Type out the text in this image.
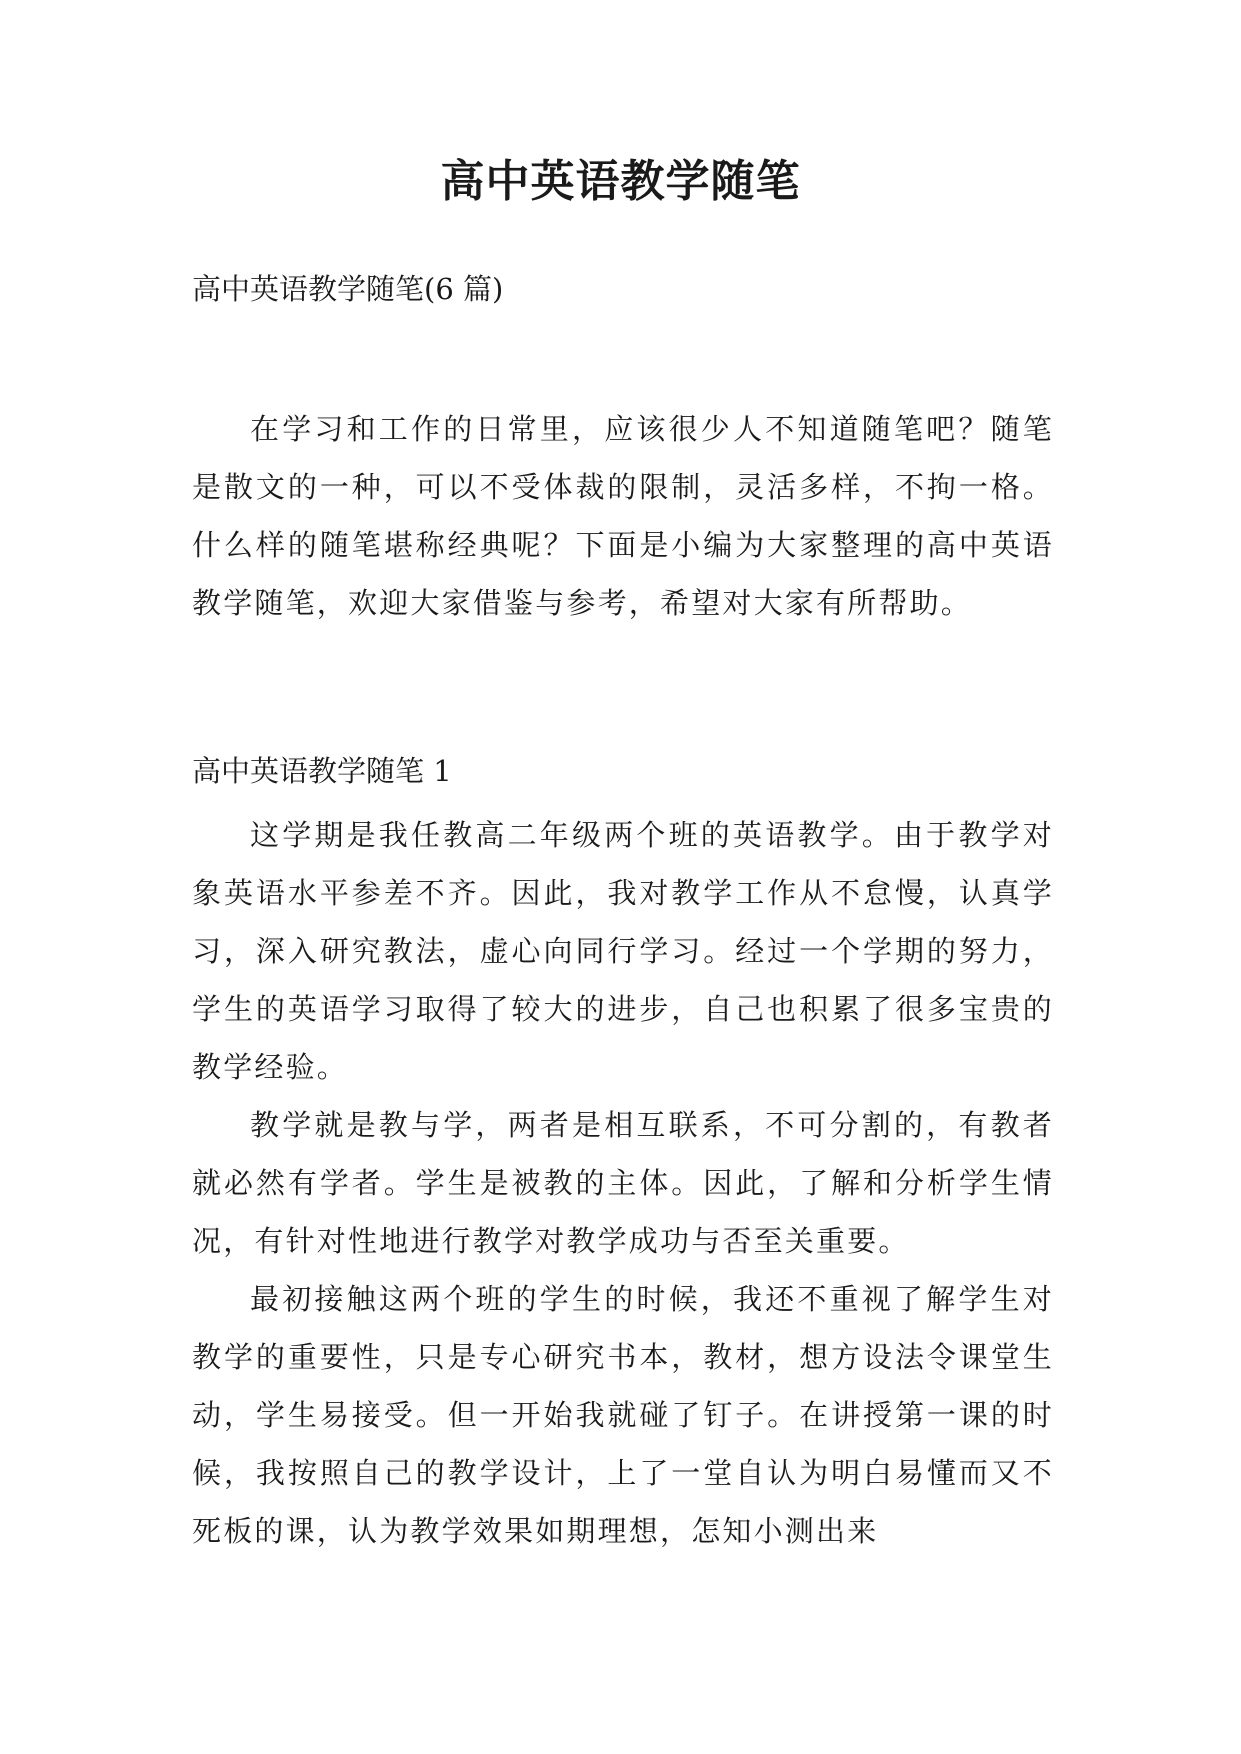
高中英语教学随笔
高中英语教学随笔(6 篇)

在学习和工作的日常里，应该很少人不知道随笔吧？随笔是散文的一种，可以不受体裁的限制，灵活多样，不拘一格。什么样的随笔堪称经典呢？下面是小编为大家整理的高中英语教学随笔，欢迎大家借鉴与参考，希望对大家有所帮助。

高中英语教学随笔 1

这学期是我任教高二年级两个班的英语教学。由于教学对象英语水平参差不齐。因此，我对教学工作从不怠慢，认真学习，深入研究教法，虚心向同行学习。经过一个学期的努力，学生的英语学习取得了较大的进步，自己也积累了很多宝贵的教学经验。

教学就是教与学，两者是相互联系，不可分割的，有教者就必然有学者。学生是被教的主体。因此，了解和分析学生情况，有针对性地进行教学对教学成功与否至关重要。

最初接触这两个班的学生的时候，我还不重视了解学生对教学的重要性，只是专心研究书本，教材，想方设法令课堂生动，学生易接受。但一开始我就碰了钉子。在讲授第一课的时候，我按照自己的教学设计，上了一堂自认为明白易懂而又不死板的课，认为教学效果如期理想，怎知小测出来
